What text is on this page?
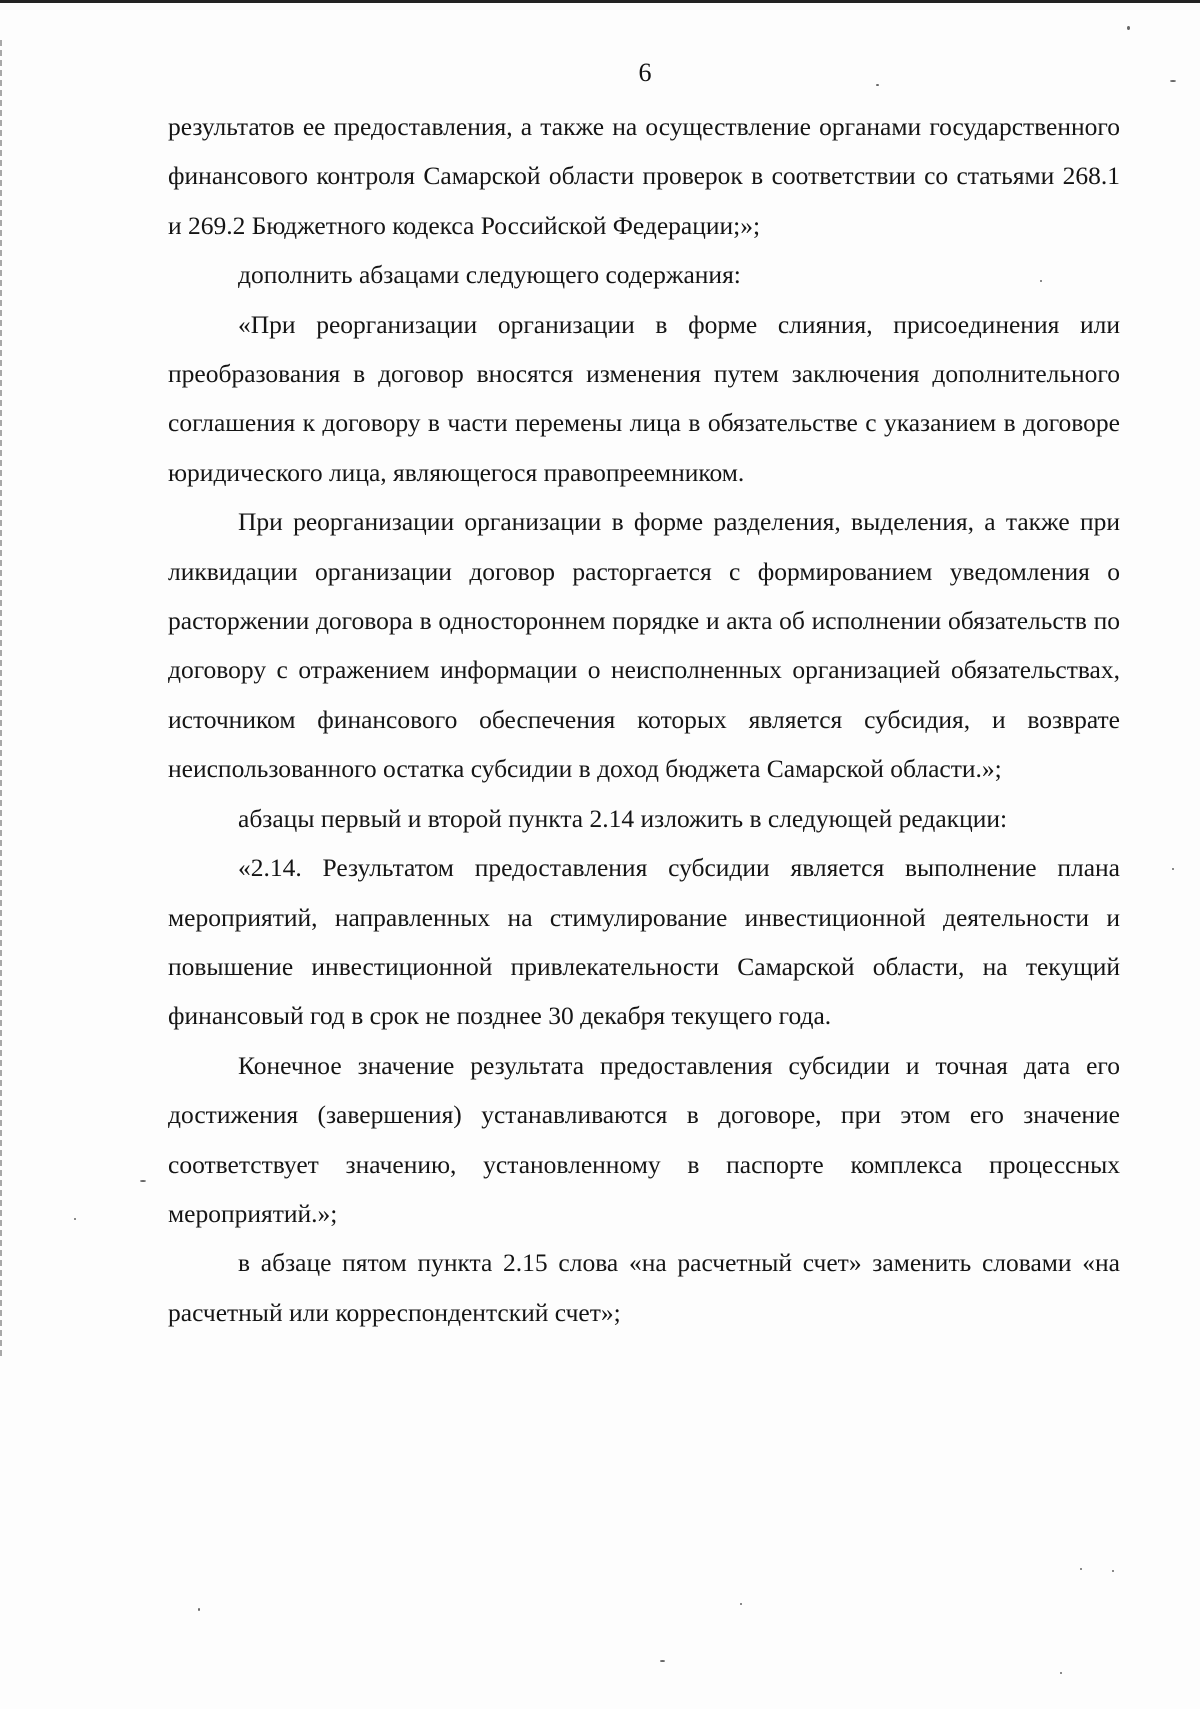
6

результатов ее предоставления, а также на осуществление органами государственного финансового контроля Самарской области проверок в соответствии со статьями 268.1 и 269.2 Бюджетного кодекса Российской Федерации;»;

дополнить абзацами следующего содержания:

«При реорганизации организации в форме слияния, присоединения или преобразования в договор вносятся изменения путем заключения дополнительного соглашения к договору в части перемены лица в обязательстве с указанием в договоре юридического лица, являющегося правопреемником.

При реорганизации организации в форме разделения, выделения, а также при ликвидации организации договор расторгается с формированием уведомления о расторжении договора в одностороннем порядке и акта об исполнении обязательств по договору с отражением информации о неисполненных организацией обязательствах, источником финансового обеспечения которых является субсидия, и возврате неиспользованного остатка субсидии в доход бюджета Самарской области.»;

абзацы первый и второй пункта 2.14 изложить в следующей редакции:

«2.14. Результатом предоставления субсидии является выполнение плана мероприятий, направленных на стимулирование инвестиционной деятельности и повышение инвестиционной привлекательности Самарской области, на текущий финансовый год в срок не позднее 30 декабря текущего года.

Конечное значение результата предоставления субсидии и точная дата его достижения (завершения) устанавливаются в договоре, при этом его значение соответствует значению, установленному в паспорте комплекса процессных мероприятий.»;

в абзаце пятом пункта 2.15 слова «на расчетный счет» заменить словами «на расчетный или корреспондентский счет»;
